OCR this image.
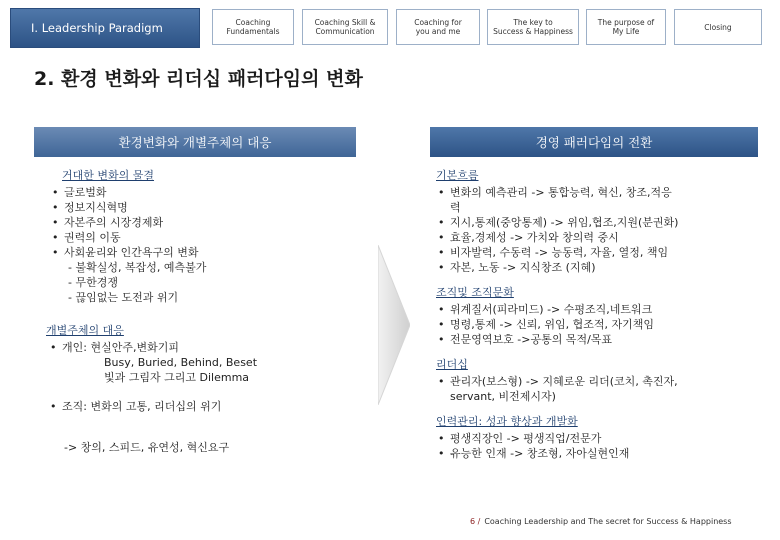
I. Leadership Paradigm	Coaching
Fundamentals
Coaching Skill &
Communication
Coaching for
you and me
The key to
Success & Happiness
The purpose of
My Life	Closing
2. 환경 변화와 리더십 패러다임의 변화
환경변화와 개별주체의 대응	경영 패러다임의 전환
거대한 변화의 물결
• 글로벌화
• 정보지식혁명
• 자본주의 시장경제화
• 권력의 이동
• 사회윤리와 인간욕구의 변화
- 불확실성, 복잡성, 예측불가
- 무한경쟁
- 끊임없는 도전과 위기
개별주체의 대응
• 개인: 현실안주,변화기피
Busy, Buried, Behind, Beset
빛과 그림자 그리고 Dilemma
• 조직: 변화의 고통, 리더십의 위기
-> 창의, 스피드, 유연성, 혁신요구
기본흐름
• 변화의 예측관리 -> 통합능력, 혁신, 창조,적응
력
• 지시,통제(중앙통제) -> 위임,협조,지원(분권화)
• 효율,경제성 -> 가치와 창의력 중시
• 비자발력, 수동력 -> 능동력, 자율, 열정, 책임
• 자본, 노동 -> 지식창조 (지혜)
조직및 조직문화
• 위계질서(피라미드) -> 수평조직,네트워크
• 명령,통제 -> 신뢰, 위임, 협조적, 자기책임
• 전문영역보호 ->공통의 목적/목표
리더십
• 관리자(보스형) -> 지혜로운 리더(코치, 촉진자,
servant, 비전제시자)
인력관리: 성과 향상과 개발화
• 평생직장인 -> 평생직업/전문가
• 유능한 인재 -> 창조형, 자아실현인재
6 / Coaching Leadership and The secret for Success & Happiness
